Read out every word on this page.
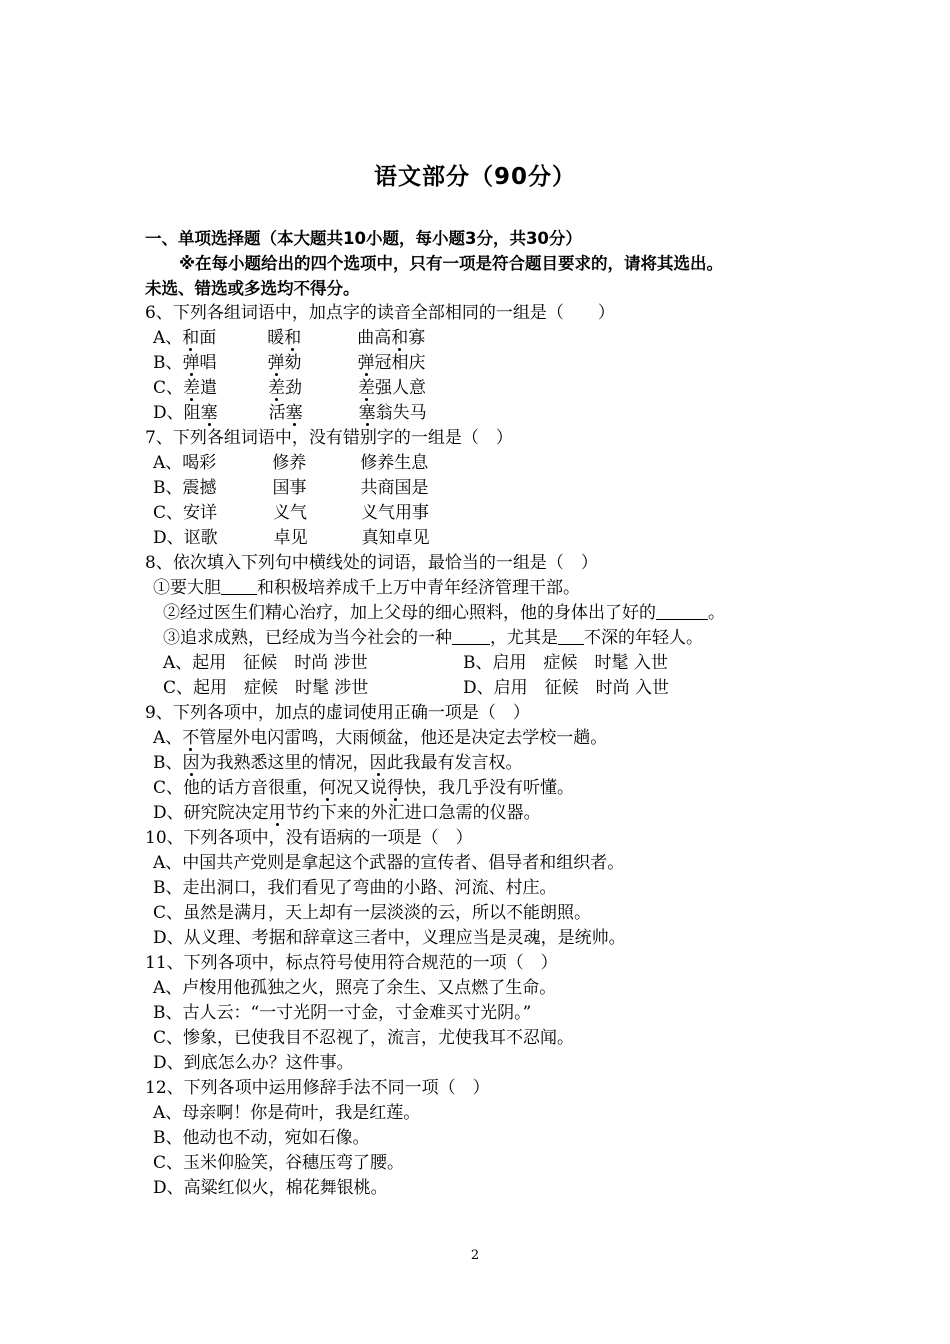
语文部分（90分）
一、单项选择题（本大题共10小题，每小题3分，共30分）
※在每小题给出的四个选项中，只有一项是符合题目要求的，请将其选出。
未选、错选或多选均不得分。
6、下列各组词语中，加点字的读音全部相同的一组是（　　）
A、和面	暖和	曲高和寡
B、弹唱	弹劾	弹冠相庆
C、差遣	差劲	差强人意
D、阻塞	活塞	塞翁失马
7、下列各组词语中，没有错别字的一组是（　）
A、喝彩	修养	修养生息
B、震撼	国事	共商国是
C、安详	义气	义气用事
D、讴歌	卓见	真知卓见
8、依次填入下列句中横线处的词语，最恰当的一组是（　）
①要大胆 和积极培养成千上万中青年经济管理干部。
②经过医生们精心治疗，加上父母的细心照料，他的身体出了好的	。
③追求成熟，已经成为当今社会的一种 ，尤其是 不深的年轻人。
A、起用　征候　时尚 涉世	B、启用　症候　时髦 入世
C、起用　症候　时髦 涉世	D、启用　征候　时尚 入世
9、下列各项中，加点的虚词使用正确一项是（　）
A、不管屋外电闪雷鸣，大雨倾盆，他还是决定去学校一趟。
B、因为我熟悉这里的情况，因此我最有发言权。
C、他的话方音很重，何况又说得快，我几乎没有听懂。
D、研究院决定用节约下来的外汇进口急需的仪器。
10、下列各项中，没有语病的一项是（　）
A、中国共产党则是拿起这个武器的宣传者、倡导者和组织者。
B、走出洞口，我们看见了弯曲的小路、河流、村庄。
C、虽然是满月，天上却有一层淡淡的云，所以不能朗照。
D、从义理、考据和辞章这三者中，义理应当是灵魂，是统帅。
11、下列各项中，标点符号使用符合规范的一项（　）
A、卢梭用他孤独之火，照亮了余生、又点燃了生命。
B、古人云：“一寸光阴一寸金，寸金难买寸光阴。”
C、惨象，已使我目不忍视了，流言，尤使我耳不忍闻。
D、到底怎么办？这件事。
12、下列各项中运用修辞手法不同一项（　）
A、母亲啊！你是荷叶，我是红莲。
B、他动也不动，宛如石像。
C、玉米仰脸笑，谷穗压弯了腰。
D、高粱红似火，棉花舞银桃。
2
